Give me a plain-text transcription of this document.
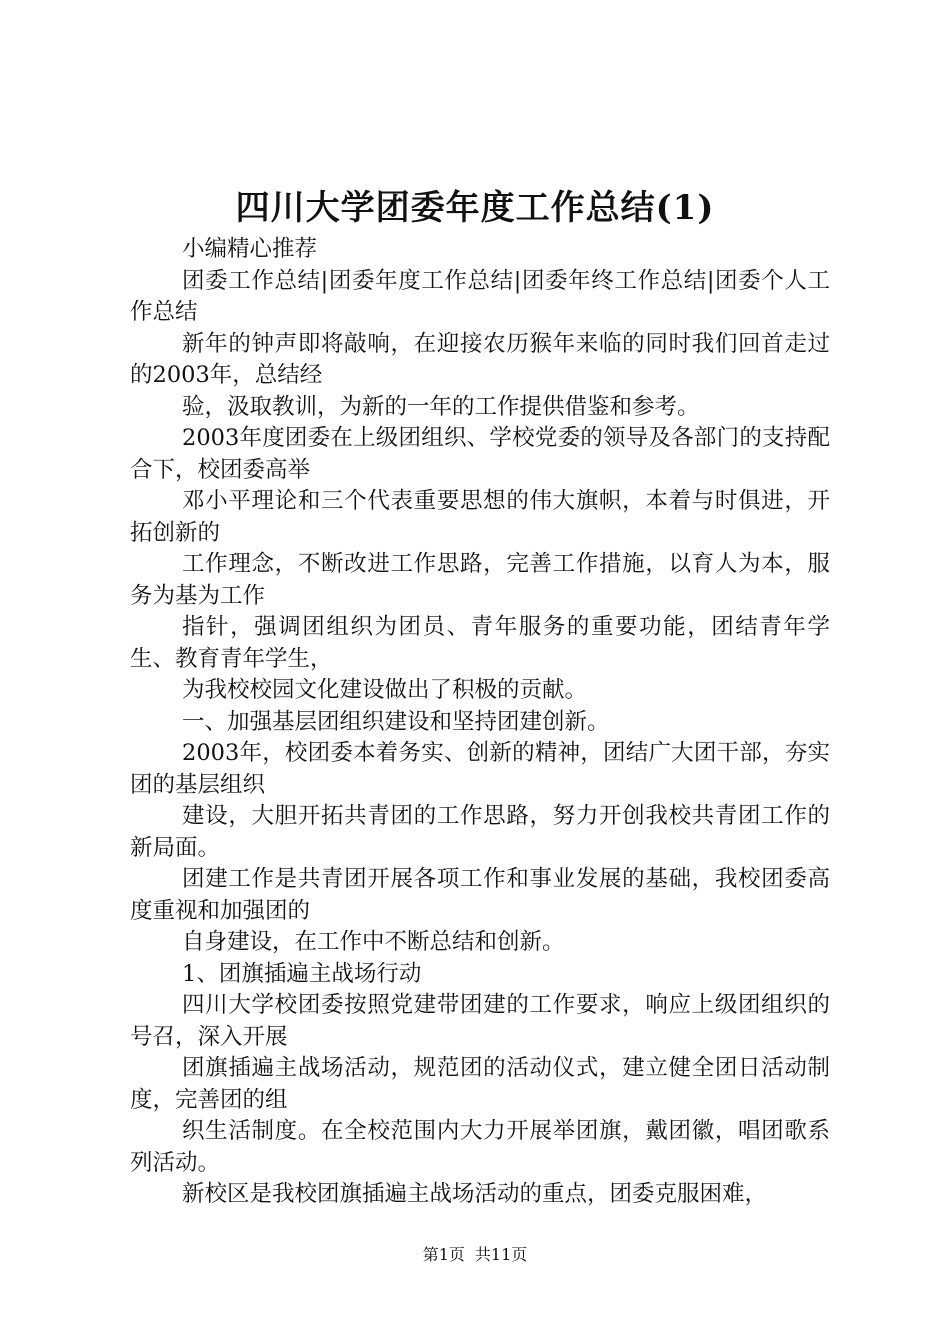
四川大学团委年度工作总结(1)

小编精心推荐

团委工作总结|团委年度工作总结|团委年终工作总结|团委个人工作总结

新年的钟声即将敲响，在迎接农历猴年来临的同时我们回首走过的2003年，总结经

验，汲取教训，为新的一年的工作提供借鉴和参考。

2003年度团委在上级团组织、学校党委的领导及各部门的支持配合下，校团委高举

邓小平理论和三个代表重要思想的伟大旗帜，本着与时俱进，开拓创新的

工作理念，不断改进工作思路，完善工作措施，以育人为本，服务为基为工作

指针，强调团组织为团员、青年服务的重要功能，团结青年学生、教育青年学生，

为我校校园文化建设做出了积极的贡献。

一、加强基层团组织建设和坚持团建创新。

2003年，校团委本着务实、创新的精神，团结广大团干部，夯实团的基层组织

建设，大胆开拓共青团的工作思路，努力开创我校共青团工作的新局面。

团建工作是共青团开展各项工作和事业发展的基础，我校团委高度重视和加强团的

自身建设，在工作中不断总结和创新。

1、团旗插遍主战场行动

四川大学校团委按照党建带团建的工作要求，响应上级团组织的号召，深入开展

团旗插遍主战场活动，规范团的活动仪式，建立健全团日活动制度，完善团的组

织生活制度。在全校范围内大力开展举团旗，戴团徽，唱团歌系列活动。

新校区是我校团旗插遍主战场活动的重点，团委克服困难，

第1页 共11页
